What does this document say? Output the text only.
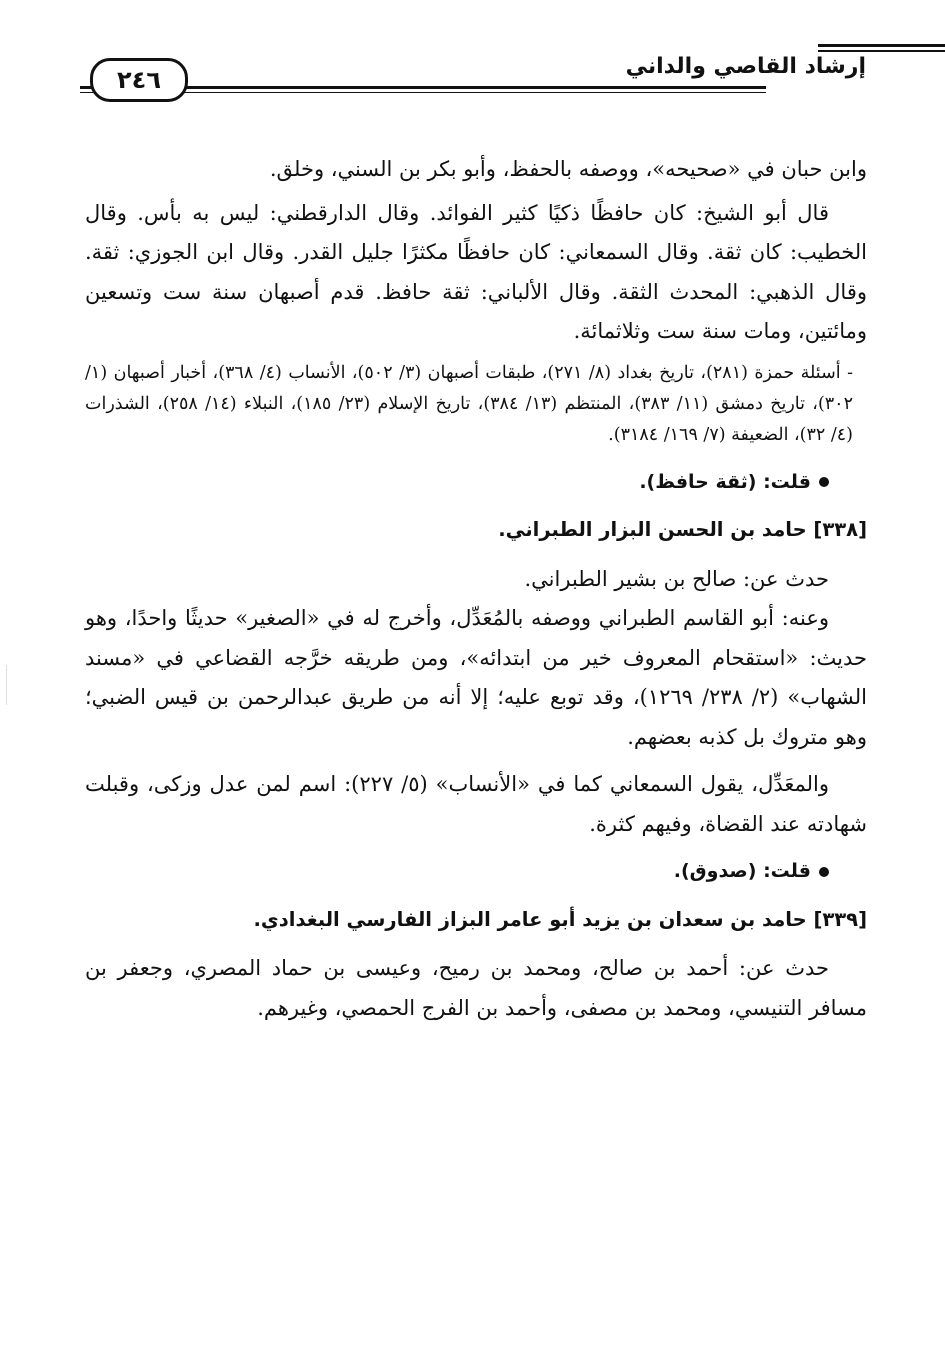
إرشاد القاصي والداني
٢٤٦

وابن حبان في «صحيحه»، ووصفه بالحفظ، وأبو بكر بن السني، وخلق.

قال أبو الشيخ: كان حافظًا ذكيًا كثير الفوائد. وقال الدارقطني: ليس به بأس. وقال الخطيب: كان ثقة. وقال السمعاني: كان حافظًا مكثرًا جليل القدر. وقال ابن الجوزي: ثقة. وقال الذهبي: المحدث الثقة. وقال الألباني: ثقة حافظ. قدم أصبهان سنة ست وتسعين ومائتين، ومات سنة ست وثلاثمائة.

- أسئلة حمزة (٢٨١)، تاريخ بغداد (٨/ ٢٧١)، طبقات أصبهان (٣/ ٥٠٢)، الأنساب (٤/ ٣٦٨)، أخبار أصبهان (١/ ٣٠٢)، تاريخ دمشق (١١/ ٣٨٣)، المنتظم (١٣/ ٣٨٤)، تاريخ الإسلام (٢٣/ ١٨٥)، النبلاء (١٤/ ٢٥٨)، الشذرات (٤/ ٣٢)، الضعيفة (٧/ ١٦٩/ ٣١٨٤).

قلت: (ثقة حافظ).

[٣٣٨] حامد بن الحسن البزار الطبراني.

حدث عن: صالح بن بشير الطبراني.

وعنه: أبو القاسم الطبراني ووصفه بالمُعَدِّل، وأخرج له في «الصغير» حديثًا واحدًا، وهو حديث: «استقحام المعروف خير من ابتدائه»، ومن طريقه خرَّجه القضاعي في «مسند الشهاب» (٢/ ٢٣٨/ ١٢٦٩)، وقد توبع عليه؛ إلا أنه من طريق عبدالرحمن بن قيس الضبي؛ وهو متروك بل كذبه بعضهم.

والمعَدِّل، يقول السمعاني كما في «الأنساب» (٥/ ٢٢٧): اسم لمن عدل وزكى، وقبلت شهادته عند القضاة، وفيهم كثرة.

قلت: (صدوق).

[٣٣٩] حامد بن سعدان بن يزيد أبو عامر البزاز الفارسي البغدادي.

حدث عن: أحمد بن صالح، ومحمد بن رميح، وعيسى بن حماد المصري، وجعفر بن مسافر التنيسي، ومحمد بن مصفى، وأحمد بن الفرج الحمصي، وغيرهم.
